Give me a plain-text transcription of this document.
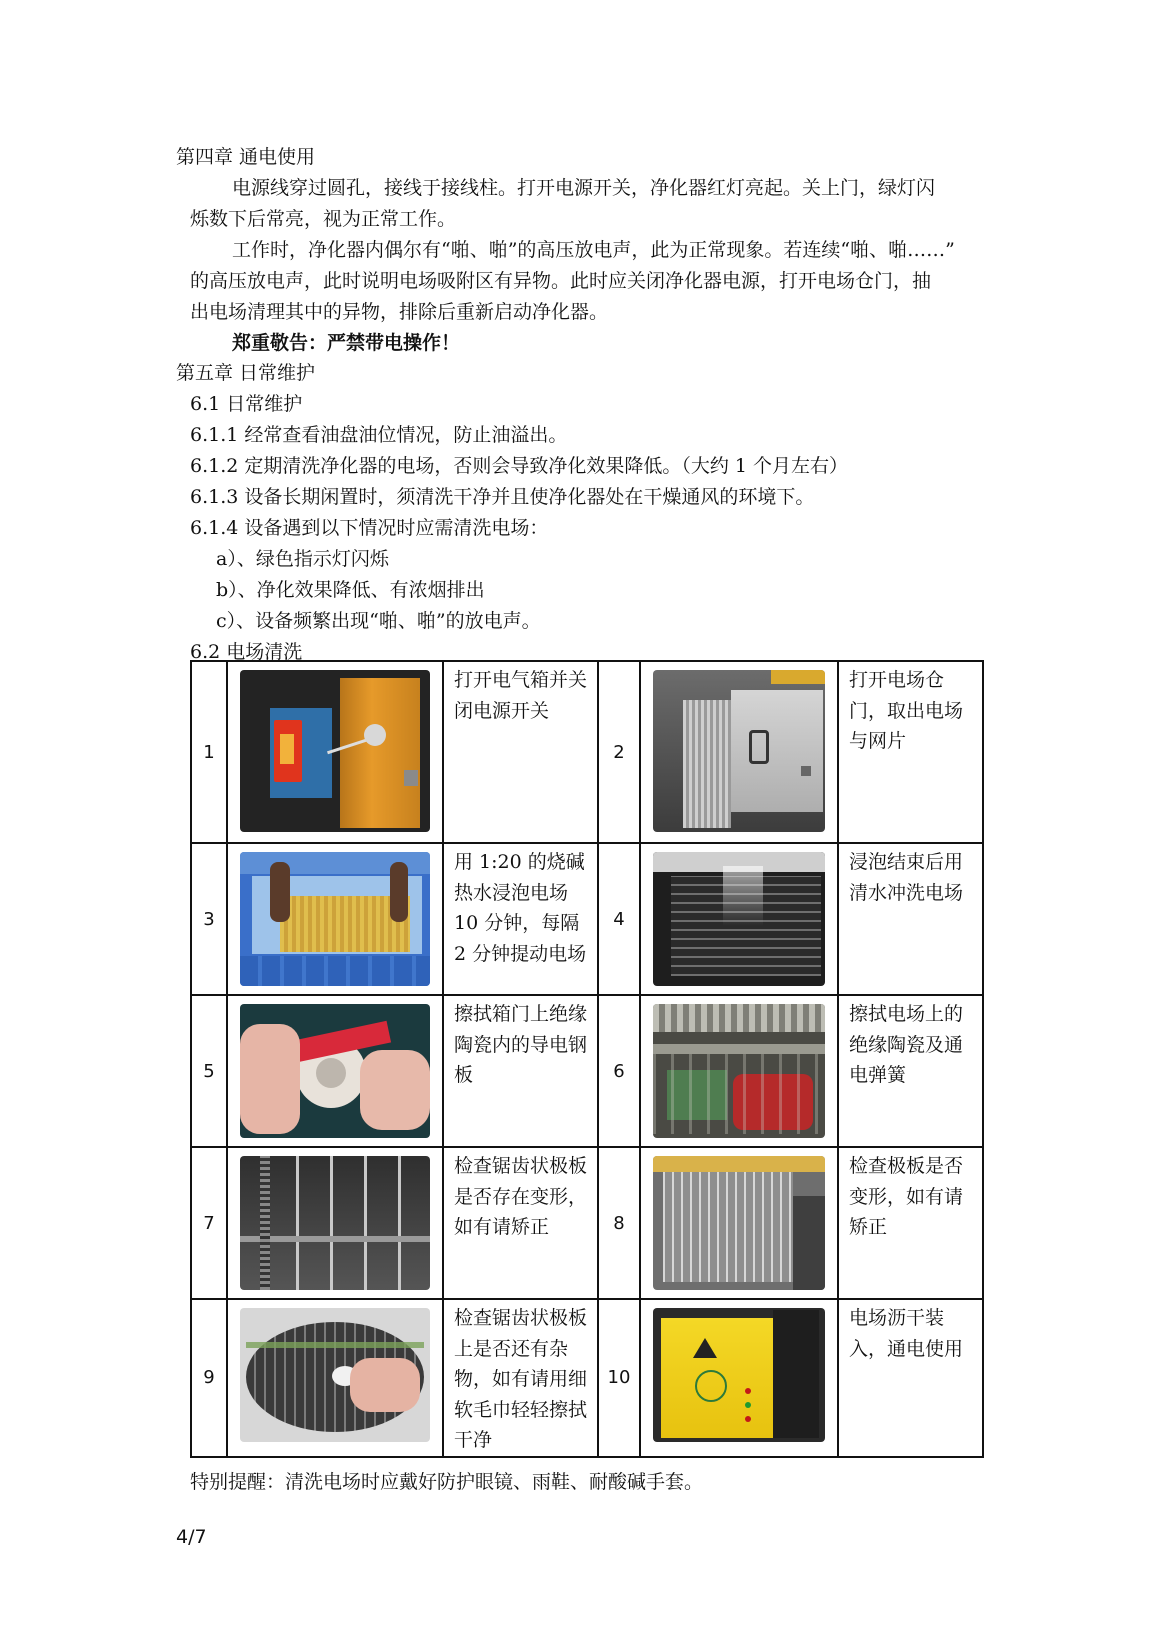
第四章 通电使用
电源线穿过圆孔，接线于接线柱。打开电源开关，净化器红灯亮起。关上门，绿灯闪
烁数下后常亮，视为正常工作。
工作时，净化器内偶尔有“啪、啪”的高压放电声，此为正常现象。若连续“啪、啪……”
的高压放电声，此时说明电场吸附区有异物。此时应关闭净化器电源，打开电场仓门，抽
出电场清理其中的异物，排除后重新启动净化器。
郑重敬告：严禁带电操作！
第五章 日常维护
6.1 日常维护
6.1.1 经常查看油盘油位情况，防止油溢出。
6.1.2 定期清洗净化器的电场，否则会导致净化效果降低。（大约 1 个月左右）
6.1.3 设备长期闲置时，须清洗干净并且使净化器处在干燥通风的环境下。
6.1.4 设备遇到以下情况时应需清洗电场：
a）、绿色指示灯闪烁
b）、净化效果降低、有浓烟排出
c）、设备频繁出现“啪、啪”的放电声。
6.2 电场清洗
1		打开电气箱并关闭电源开关	2		打开电场仓门，取出电场与网片
3		用 1:20 的烧碱热水浸泡电场 10 分钟，每隔 2 分钟提动电场	4		浸泡结束后用清水冲洗电场
5		擦拭箱门上绝缘陶瓷内的导电钢板	6		擦拭电场上的绝缘陶瓷及通电弹簧
7		检查锯齿状极板是否存在变形，如有请矫正	8		检查极板是否变形，如有请矫正
9		检查锯齿状极板上是否还有杂物，如有请用细软毛巾轻轻擦拭干净	10		电场沥干装入，通电使用
特别提醒：清洗电场时应戴好防护眼镜、雨鞋、耐酸碱手套。
4/7
